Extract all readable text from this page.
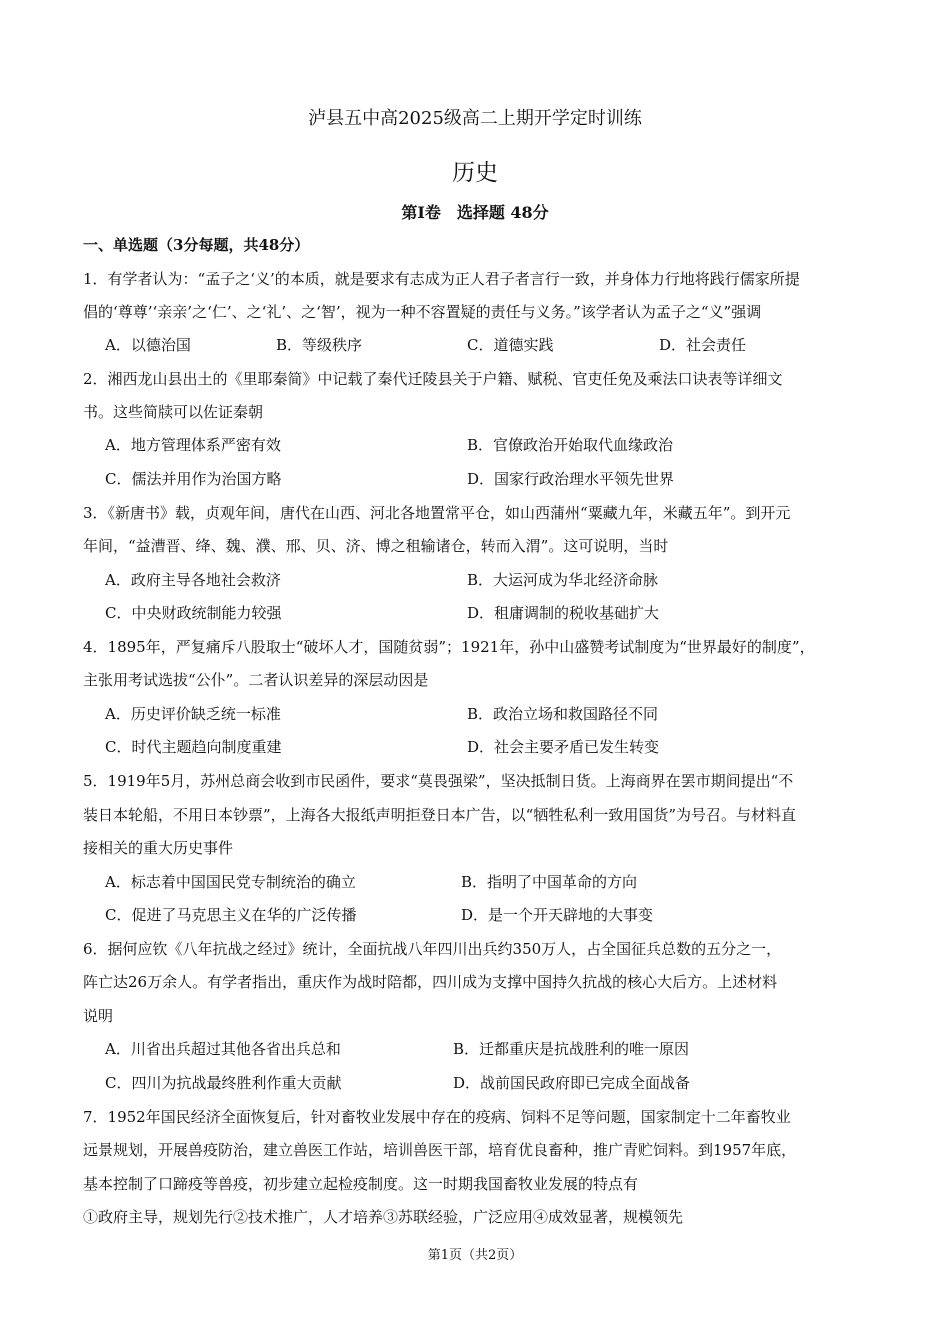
泸县五中高2025级高二上期开学定时训练
历史
第Ⅰ卷　选择题 48分
一、单选题（3分每题，共48分）
1．有学者认为：“孟子之‘义’的本质，就是要求有志成为正人君子者言行一致，并身体力行地将践行儒家所提
倡的‘尊尊’‘亲亲’之‘仁’、之‘礼’、之‘智’，视为一种不容置疑的责任与义务。”该学者认为孟子之“义”强调
A．以德治国	B．等级秩序	C．道德实践	D．社会责任
2．湘西龙山县出土的《里耶秦简》中记载了秦代迁陵县关于户籍、赋税、官吏任免及乘法口诀表等详细文
书。这些简牍可以佐证秦朝
A．地方管理体系严密有效	B．官僚政治开始取代血缘政治
C．儒法并用作为治国方略	D．国家行政治理水平领先世界
3．《新唐书》载，贞观年间，唐代在山西、河北各地置常平仓，如山西蒲州“粟藏九年，米藏五年”。到开元
年间，“益漕晋、绛、魏、濮、邢、贝、济、博之租输诸仓，转而入渭”。这可说明，当时
A．政府主导各地社会救济	B．大运河成为华北经济命脉
C．中央财政统制能力较强	D．租庸调制的税收基础扩大
4．1895年，严复痛斥八股取士“破坏人才，国随贫弱”；1921年，孙中山盛赞考试制度为“世界最好的制度”，
主张用考试选拔“公仆”。二者认识差异的深层动因是
A．历史评价缺乏统一标准	B．政治立场和救国路径不同
C．时代主题趋向制度重建	D．社会主要矛盾已发生转变
5．1919年5月，苏州总商会收到市民函件，要求“莫畏强梁”，坚决抵制日货。上海商界在罢市期间提出“不
装日本轮船，不用日本钞票”，上海各大报纸声明拒登日本广告，以“牺牲私利一致用国货”为号召。与材料直
接相关的重大历史事件
A．标志着中国国民党专制统治的确立	B．指明了中国革命的方向
C．促进了马克思主义在华的广泛传播	D．是一个开天辟地的大事变
6．据何应钦《八年抗战之经过》统计，全面抗战八年四川出兵约350万人，占全国征兵总数的五分之一，
阵亡达26万余人。有学者指出，重庆作为战时陪都，四川成为支撑中国持久抗战的核心大后方。上述材料
说明
A．川省出兵超过其他各省出兵总和	B．迁都重庆是抗战胜利的唯一原因
C．四川为抗战最终胜利作重大贡献	D．战前国民政府即已完成全面战备
7．1952年国民经济全面恢复后，针对畜牧业发展中存在的疫病、饲料不足等问题，国家制定十二年畜牧业
远景规划，开展兽疫防治，建立兽医工作站，培训兽医干部，培育优良畜种，推广青贮饲料。到1957年底，
基本控制了口蹄疫等兽疫，初步建立起检疫制度。这一时期我国畜牧业发展的特点有
①政府主导，规划先行②技术推广，人才培养③苏联经验，广泛应用④成效显著，规模领先
第1页（共2页）
